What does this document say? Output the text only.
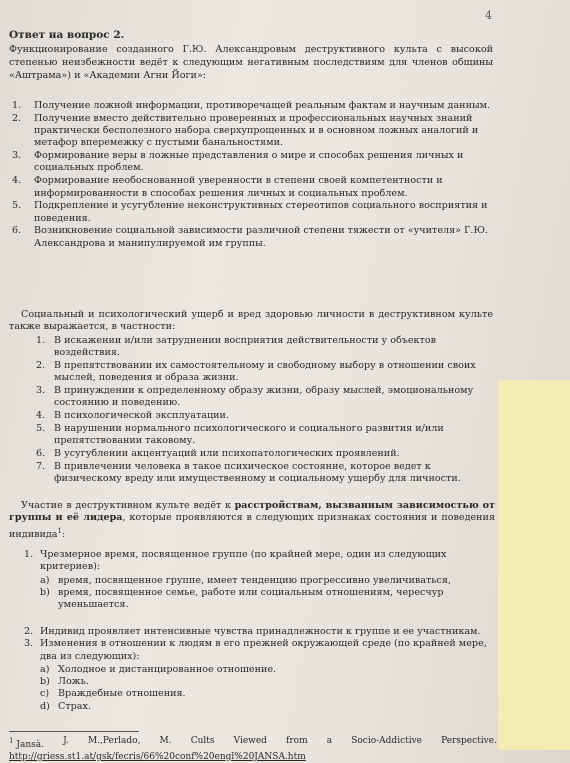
4
Ответ на вопрос 2.
Функционирование созданного Г.Ю. Александровым деструктивного культа с высокой степенью неизбежности ведёт к следующим негативным последствиям для членов общины «Аштрама») и «Академии Агни Йоги»:
1. Получение ложной информации, противоречащей реальным фактам и научным данным.
2. Получение вместо действительно проверенных и профессиональных научных знаний практически бесполезного набора сверхупрощенных и в основном ложных аналогий и метафор вперемежку с пустыми банальностями.
3. Формирование веры в ложные представления о мире и способах решения личных и социальных проблем.
4. Формирование необоснованной уверенности в степени своей компетентности и информированности в способах решения личных и социальных проблем.
5. Подкрепление и усугубление неконструктивных стереотипов социального восприятия и поведения.
6. Возникновение социальной зависимости различной степени тяжести от «учителя» Г.Ю. Александрова и манипулируемой им группы.
Социальный и психологический ущерб и вред здоровью личности в деструктивном культе также выражается, в частности:
1. В искажении и/или затруднении восприятия действительности у объектов воздействия.
2. В препятствовании их самостоятельному и свободному выбору в отношении своих мыслей, поведения и образа жизни.
3. В принуждении к определенному образу жизни, образу мыслей, эмоциональному состоянию и поведению.
4. В психологической эксплуатации.
5. В нарушении нормального психологического и социального развития и/или препятствовании таковому.
6. В усугублении акцентуаций или психопатологических проявлений.
7. В привлечении человека в такое психическое состояние, которое ведет к физическому вреду или имущественному и социальному ущербу для личности.
Участие в деструктивном культе ведёт к расстройствам, вызванным зависимостью от группы и её лидера, которые проявляются в следующих признаках состояния и поведения индивида$^1$:
1. Чрезмерное время, посвященное группе (по крайней мере, один из следующих критериев):
a) время, посвященное группе, имеет тенденцию прогрессивно увеличиваться,
b) время, посвященное семье, работе или социальным отношениям, чересчур уменьшается.
2. Индивид проявляет интенсивные чувства принадлежности к группе и ее участникам.
3. Изменения в отношении к людям в его прежней окружающей среде (по крайней мере, два из следующих):
a) Холодное и дистанцированное отношение.
b) Ложь.
c) Враждебные отношения.
d) Страх.
$^1$ Jansà. J. M.,Perlado, M. Cults Viewed from a Socio-Addictive Perspective.
http://griess.st1.at/gsk/fecris/66%20conf%20engl%20JANSA.htm
